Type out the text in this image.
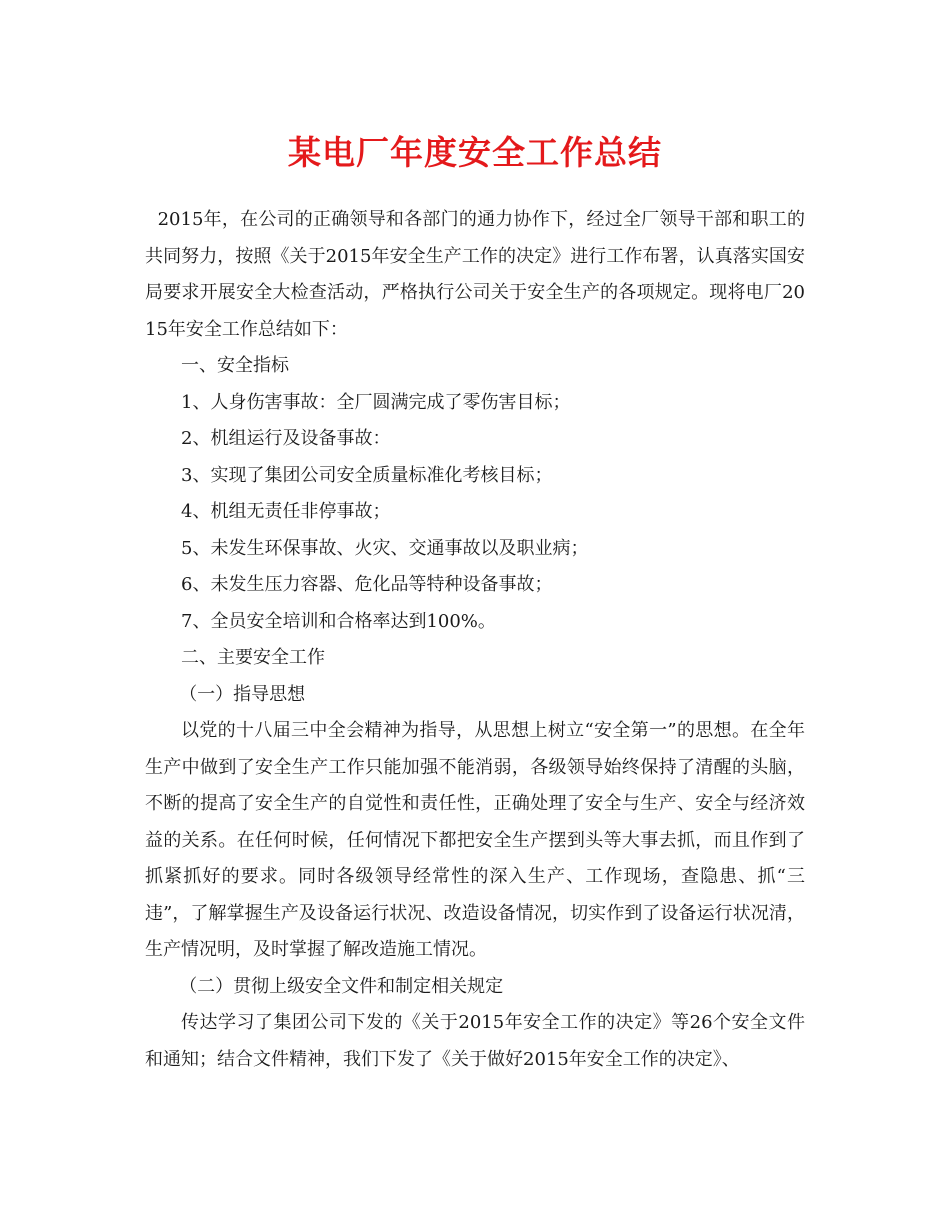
某电厂年度安全工作总结

2015年，在公司的正确领导和各部门的通力协作下，经过全厂领导干部和职工的共同努力，按照《关于2015年安全生产工作的决定》进行工作布署，认真落实国安局要求开展安全大检查活动，严格执行公司关于安全生产的各项规定。现将电厂2015年安全工作总结如下：

一、安全指标

1、人身伤害事故：全厂圆满完成了零伤害目标；

2、机组运行及设备事故：

3、实现了集团公司安全质量标准化考核目标；

4、机组无责任非停事故；

5、未发生环保事故、火灾、交通事故以及职业病；

6、未发生压力容器、危化品等特种设备事故；

7、全员安全培训和合格率达到100%。

二、主要安全工作

（一）指导思想

以党的十八届三中全会精神为指导，从思想上树立“安全第一”的思想。在全年生产中做到了安全生产工作只能加强不能消弱，各级领导始终保持了清醒的头脑，不断的提高了安全生产的自觉性和责任性，正确处理了安全与生产、安全与经济效益的关系。在任何时候，任何情况下都把安全生产摆到头等大事去抓，而且作到了抓紧抓好的要求。同时各级领导经常性的深入生产、工作现场，查隐患、抓“三违”，了解掌握生产及设备运行状况、改造设备情况，切实作到了设备运行状况清，生产情况明，及时掌握了解改造施工情况。

（二）贯彻上级安全文件和制定相关规定

传达学习了集团公司下发的《关于2015年安全工作的决定》等26个安全文件和通知；结合文件精神，我们下发了《关于做好2015年安全工作的决定》、
